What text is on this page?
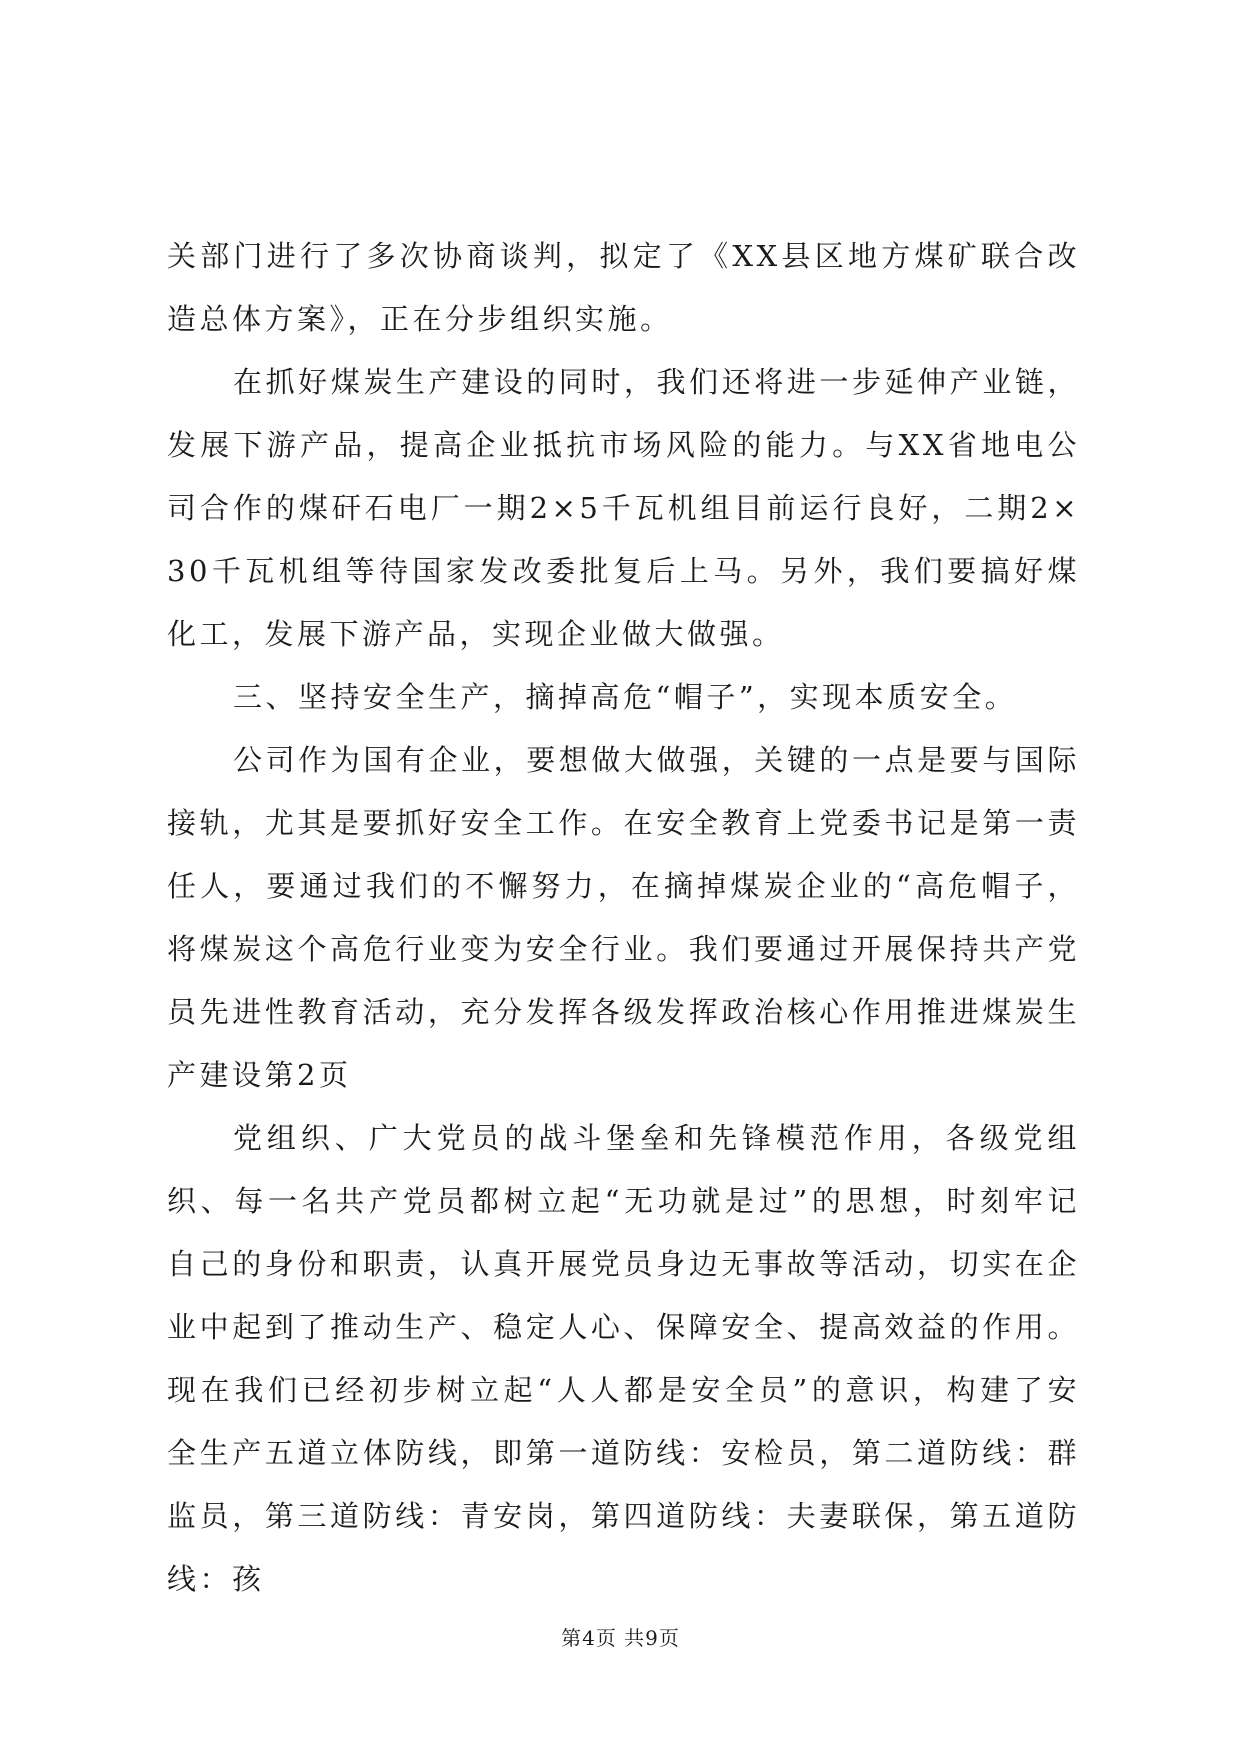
关部门进行了多次协商谈判，拟定了《XX县区地方煤矿联合改造总体方案》，正在分步组织实施。

在抓好煤炭生产建设的同时，我们还将进一步延伸产业链，发展下游产品，提高企业抵抗市场风险的能力。与XX省地电公司合作的煤矸石电厂一期2×5千瓦机组目前运行良好，二期2×30千瓦机组等待国家发改委批复后上马。另外，我们要搞好煤化工，发展下游产品，实现企业做大做强。

三、坚持安全生产，摘掉高危“帽子”，实现本质安全。

公司作为国有企业，要想做大做强，关键的一点是要与国际接轨，尤其是要抓好安全工作。在安全教育上党委书记是第一责任人，要通过我们的不懈努力，在摘掉煤炭企业的“高危帽子，将煤炭这个高危行业变为安全行业。我们要通过开展保持共产党员先进性教育活动，充分发挥各级发挥政治核心作用推进煤炭生产建设第2页

党组织、广大党员的战斗堡垒和先锋模范作用，各级党组织、每一名共产党员都树立起“无功就是过”的思想，时刻牢记自己的身份和职责，认真开展党员身边无事故等活动，切实在企业中起到了推动生产、稳定人心、保障安全、提高效益的作用。现在我们已经初步树立起“人人都是安全员”的意识，构建了安全生产五道立体防线，即第一道防线：安检员，第二道防线：群监员，第三道防线：青安岗，第四道防线：夫妻联保，第五道防线：孩

第4页 共9页
